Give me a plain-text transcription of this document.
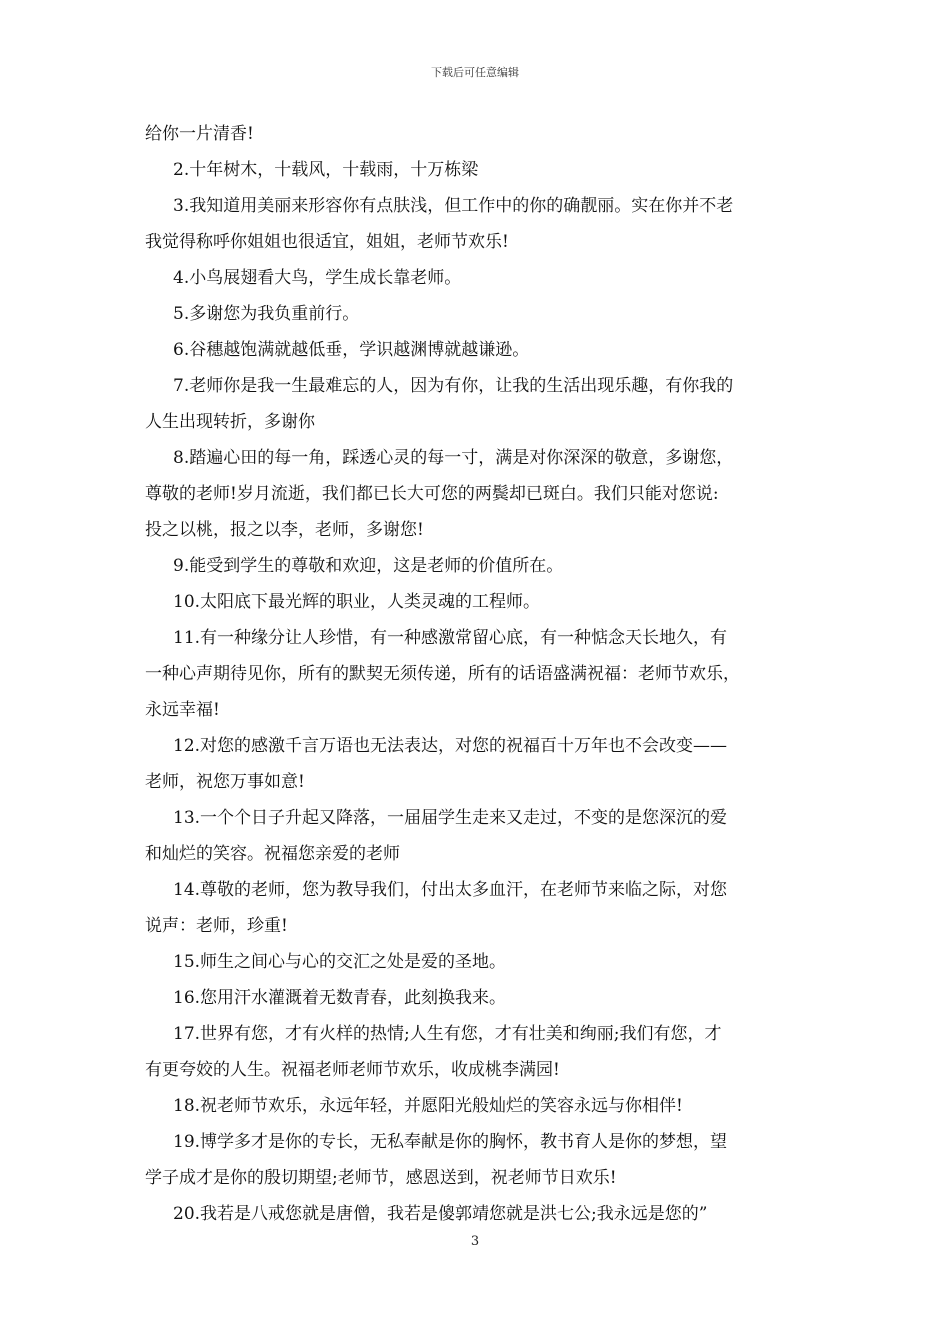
下载后可任意编辑

给你一片清香!

2.十年树木，十载风，十载雨，十万栋梁

3.我知道用美丽来形容你有点肤浅，但工作中的你的确靓丽。实在你并不老

我觉得称呼你姐姐也很适宜，姐姐，老师节欢乐!

4.小鸟展翅看大鸟，学生成长靠老师。

5.多谢您为我负重前行。

6.谷穗越饱满就越低垂，学识越渊博就越谦逊。

7.老师你是我一生最难忘的人，因为有你，让我的生活出现乐趣，有你我的

人生出现转折，多谢你

8.踏遍心田的每一角，踩透心灵的每一寸，满是对你深深的敬意，多谢您，

尊敬的老师!岁月流逝，我们都已长大可您的两鬓却已斑白。我们只能对您说:

投之以桃，报之以李，老师，多谢您!

9.能受到学生的尊敬和欢迎，这是老师的价值所在。

10.太阳底下最光辉的职业，人类灵魂的工程师。

11.有一种缘分让人珍惜，有一种感激常留心底，有一种惦念天长地久，有

一种心声期待见你，所有的默契无须传递，所有的话语盛满祝福：老师节欢乐，

永远幸福!

12.对您的感激千言万语也无法表达，对您的祝福百十万年也不会改变——

老师，祝您万事如意!

13.一个个日子升起又降落，一届届学生走来又走过，不变的是您深沉的爱

和灿烂的笑容。祝福您亲爱的老师

14.尊敬的老师，您为教导我们，付出太多血汗，在老师节来临之际，对您

说声：老师，珍重!

15.师生之间心与心的交汇之处是爱的圣地。

16.您用汗水灌溉着无数青春，此刻换我来。

17.世界有您，才有火样的热情;人生有您，才有壮美和绚丽;我们有您，才

有更夸姣的人生。祝福老师老师节欢乐，收成桃李满园!

18.祝老师节欢乐，永远年轻，并愿阳光般灿烂的笑容永远与你相伴!

19.博学多才是你的专长，无私奉献是你的胸怀，教书育人是你的梦想，望

学子成才是你的殷切期望;老师节，感恩送到，祝老师节日欢乐!

20.我若是八戒您就是唐僧，我若是傻郭靖您就是洪七公;我永远是您的”

3
